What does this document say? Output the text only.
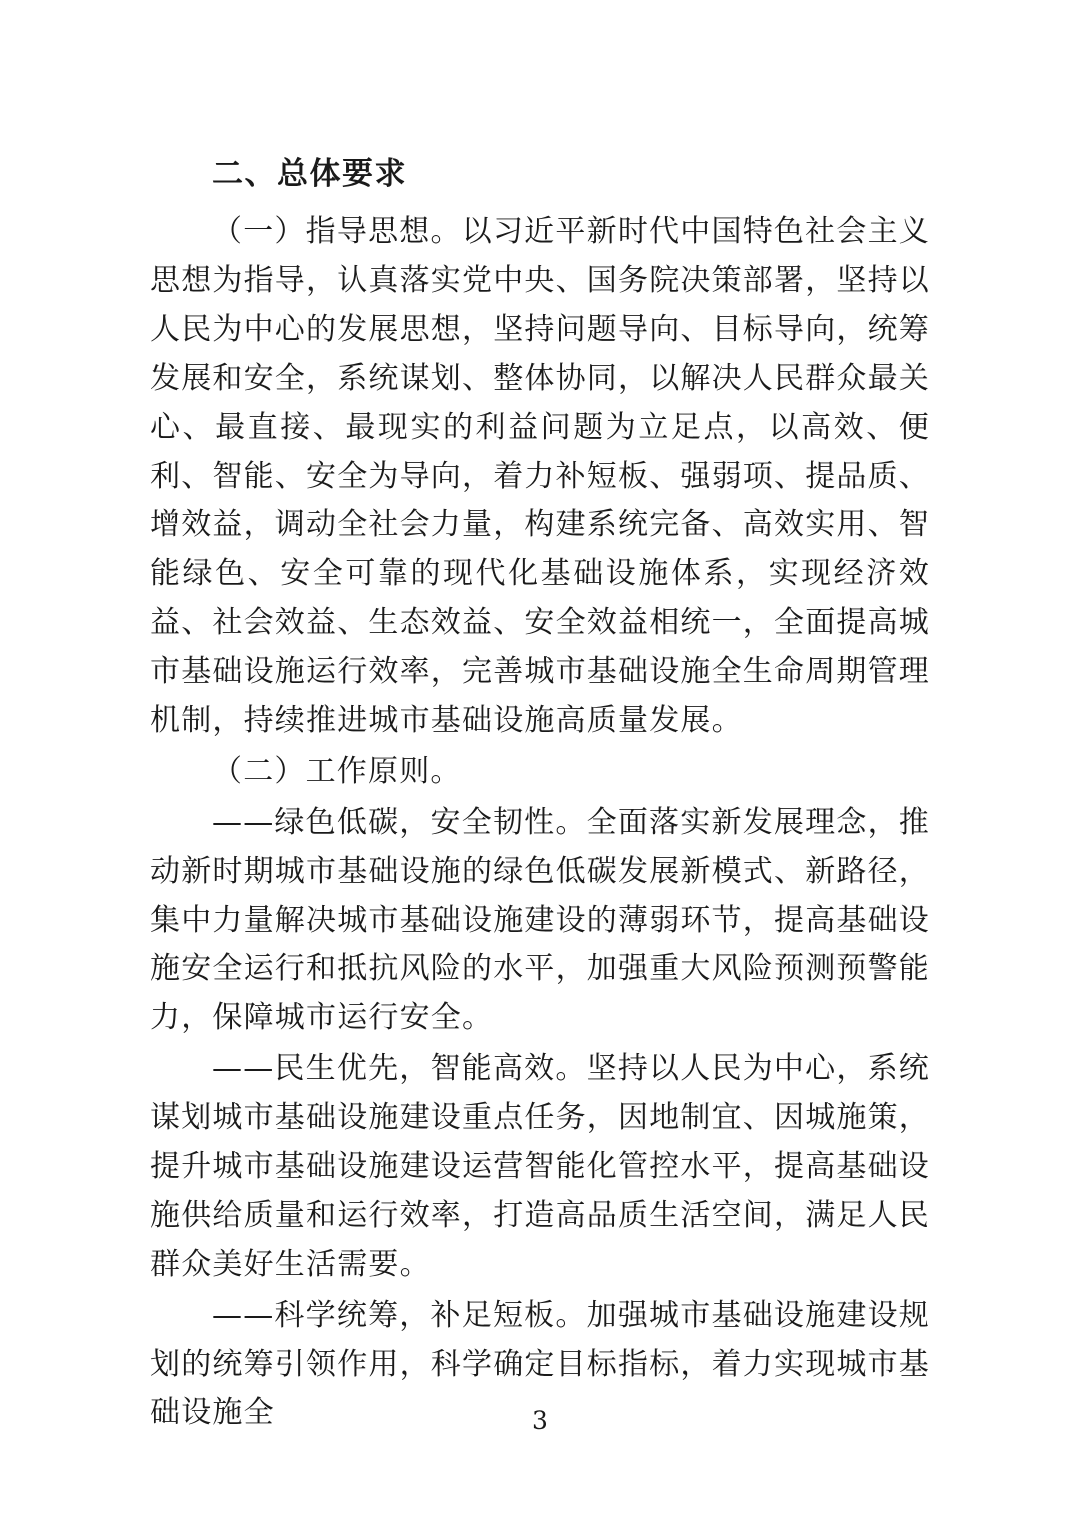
二、总体要求

（一）指导思想。以习近平新时代中国特色社会主义思想为指导，认真落实党中央、国务院决策部署，坚持以人民为中心的发展思想，坚持问题导向、目标导向，统筹发展和安全，系统谋划、整体协同，以解决人民群众最关心、最直接、最现实的利益问题为立足点，以高效、便利、智能、安全为导向，着力补短板、强弱项、提品质、增效益，调动全社会力量，构建系统完备、高效实用、智能绿色、安全可靠的现代化基础设施体系，实现经济效益、社会效益、生态效益、安全效益相统一，全面提高城市基础设施运行效率，完善城市基础设施全生命周期管理机制，持续推进城市基础设施高质量发展。

（二）工作原则。

——绿色低碳，安全韧性。全面落实新发展理念，推动新时期城市基础设施的绿色低碳发展新模式、新路径，集中力量解决城市基础设施建设的薄弱环节，提高基础设施安全运行和抵抗风险的水平，加强重大风险预测预警能力，保障城市运行安全。

——民生优先，智能高效。坚持以人民为中心，系统谋划城市基础设施建设重点任务，因地制宜、因城施策，提升城市基础设施建设运营智能化管控水平，提高基础设施供给质量和运行效率，打造高品质生活空间，满足人民群众美好生活需要。

——科学统筹，补足短板。加强城市基础设施建设规划的统筹引领作用，科学确定目标指标，着力实现城市基础设施全	3
